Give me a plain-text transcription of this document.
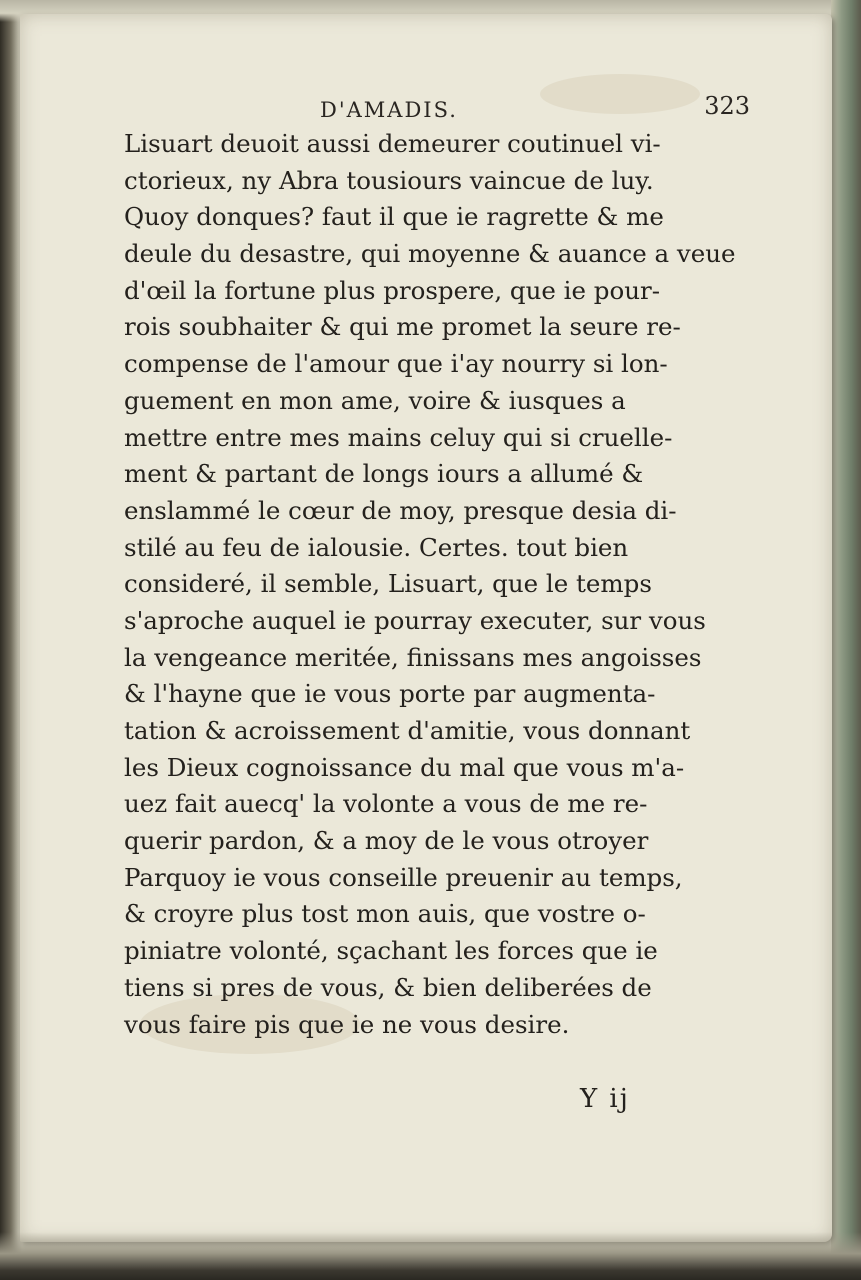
D'AMADIS.	323
Lisuart deuoit aussi demeurer coutinuel vi-
ctorieux, ny Abra tousiours vaincue de luy.
Quoy donques? faut il que ie ragrette & me
deule du desastre, qui moyenne & auance a veue
d'œil la fortune plus prospere, que ie pour-
rois soubhaiter & qui me promet la seure re-
compense de l'amour que i'ay nourry si lon-
guement en mon ame, voire & iusques a
mettre entre mes mains celuy qui si cruelle-
ment & partant de longs iours a allumé &
enslammé le cœur de moy, presque desia di-
stilé au feu de ialousie. Certes. tout bien
consideré, il semble, Lisuart, que le temps
s'aproche auquel ie pourray executer, sur vous
la vengeance meritée, finissans mes angoisses
& l'hayne que ie vous porte par augmenta-
tation & acroissement d'amitie, vous donnant
les Dieux cognoissance du mal que vous m'a-
uez fait auecq' la volonte a vous de me re-
querir pardon, & a moy de le vous otroyer
Parquoy ie vous conseille preuenir au temps,
& croyre plus tost mon auis, que vostre o-
piniatre volonté, sçachant les forces que ie
tiens si pres de vous, & bien deliberées de
vous faire pis que ie ne vous desire.
Y ij
